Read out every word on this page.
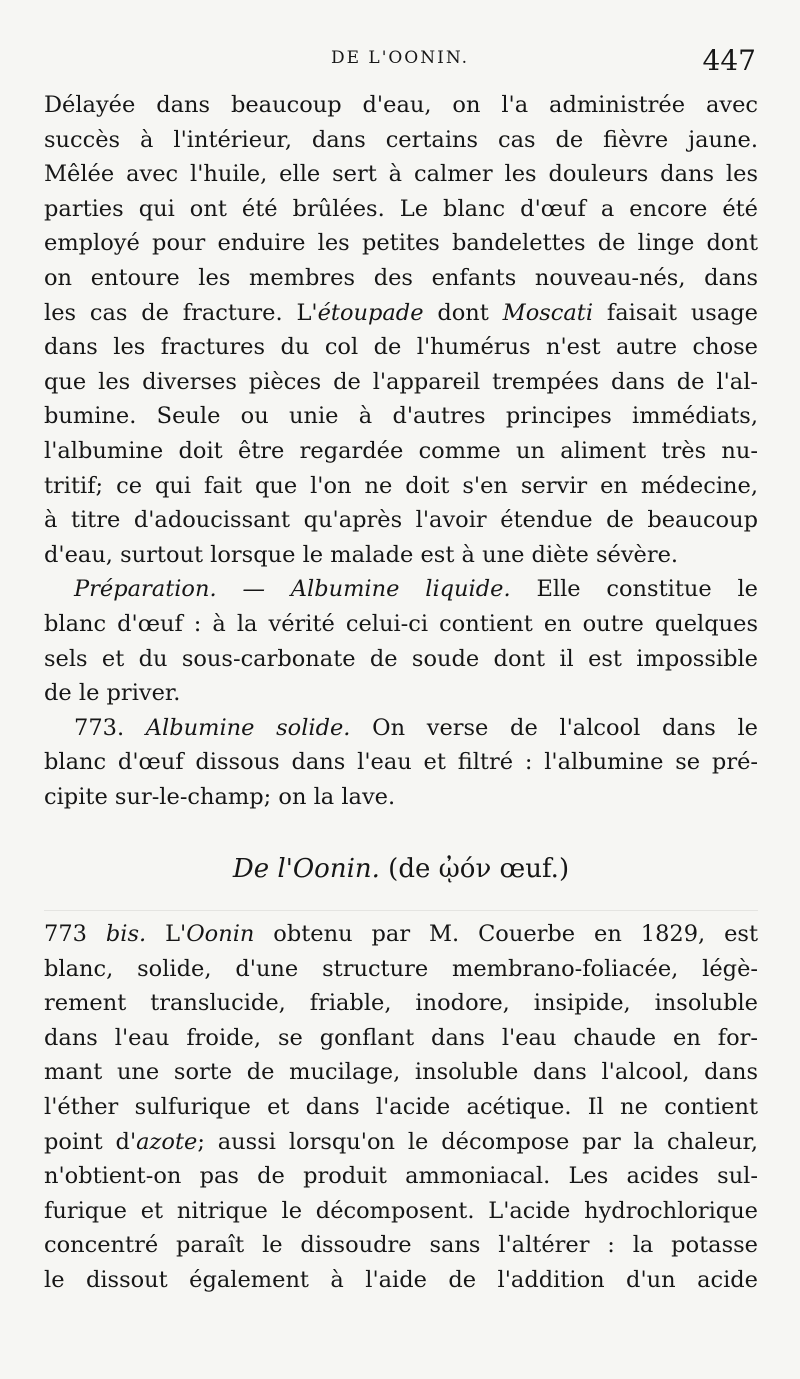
DE L'OONIN.	447
Délayée dans beaucoup d'eau, on l'a administrée avec
succès à l'intérieur, dans certains cas de fièvre jaune.
Mêlée avec l'huile, elle sert à calmer les douleurs dans les
parties qui ont été brûlées. Le blanc d'œuf a encore été
employé pour enduire les petites bandelettes de linge dont
on entoure les membres des enfants nouveau-nés, dans
les cas de fracture. L'étoupade dont Moscati faisait usage
dans les fractures du col de l'humérus n'est autre chose
que les diverses pièces de l'appareil trempées dans de l'al-
bumine. Seule ou unie à d'autres principes immédiats,
l'albumine doit être regardée comme un aliment très nu-
tritif; ce qui fait que l'on ne doit s'en servir en médecine,
à titre d'adoucissant qu'après l'avoir étendue de beaucoup
d'eau, surtout lorsque le malade est à une diète sévère.
Préparation. — Albumine liquide. Elle constitue le
blanc d'œuf : à la vérité celui-ci contient en outre quelques
sels et du sous-carbonate de soude dont il est impossible
de le priver.
773. Albumine solide. On verse de l'alcool dans le
blanc d'œuf dissous dans l'eau et filtré : l'albumine se pré-
cipite sur-le-champ; on la lave.
De l'Oonin. (de ᾠόν œuf.)
773 bis. L'Oonin obtenu par M. Couerbe en 1829, est
blanc, solide, d'une structure membrano-foliacée, légè-
rement translucide, friable, inodore, insipide, insoluble
dans l'eau froide, se gonflant dans l'eau chaude en for-
mant une sorte de mucilage, insoluble dans l'alcool, dans
l'éther sulfurique et dans l'acide acétique. Il ne contient
point d'azote; aussi lorsqu'on le décompose par la chaleur,
n'obtient-on pas de produit ammoniacal. Les acides sul-
furique et nitrique le décomposent. L'acide hydrochlorique
concentré paraît le dissoudre sans l'altérer : la potasse
le dissout également à l'aide de l'addition d'un acide
